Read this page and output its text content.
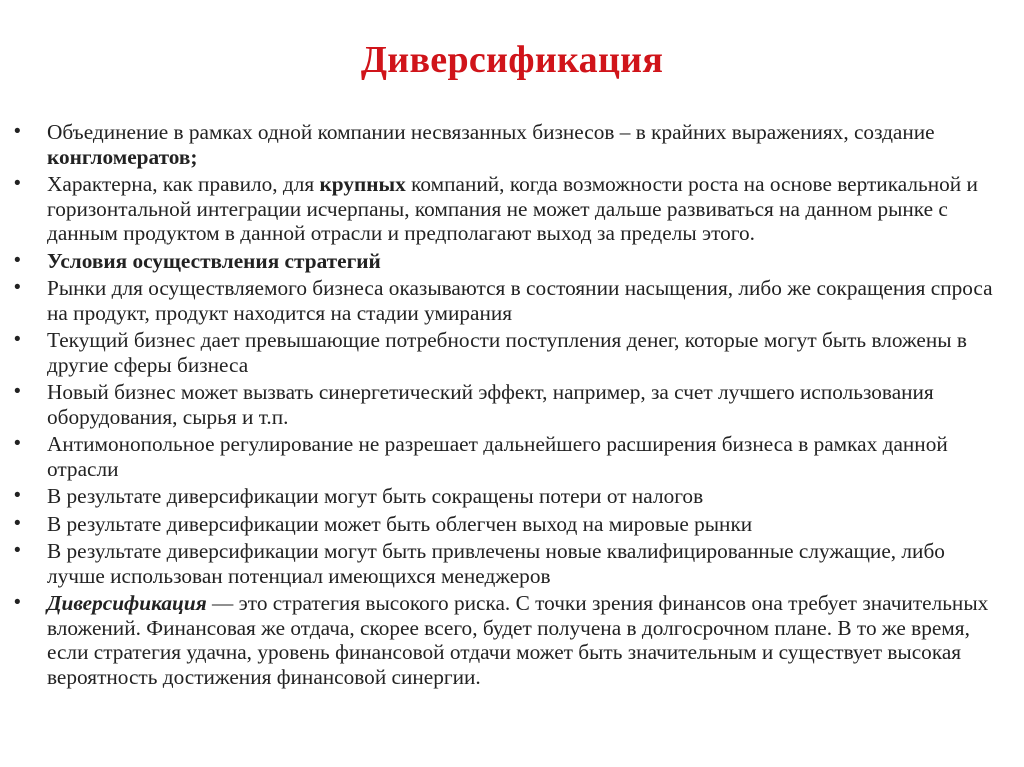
Диверсификация
• Объединение в рамках одной компании несвязанных бизнесов – в крайних выражениях, создание конгломератов;
• Характерна, как правило, для крупных компаний, когда возможности роста на основе вертикальной и горизонтальной интеграции исчерпаны, компания не может дальше развиваться на данном рынке с данным продуктом в данной отрасли и предполагают выход за пределы этого.
• Условия осуществления стратегий
• Рынки для осуществляемого бизнеса оказываются в состоянии насыщения, либо же сокращения спроса на продукт, продукт находится на стадии умирания
• Текущий бизнес дает превышающие потребности поступления денег, которые могут быть вложены в другие сферы бизнеса
• Новый бизнес может вызвать синергетический эффект, например, за счет лучшего использования оборудования, сырья и т.п.
• Антимонопольное регулирование не разрешает дальнейшего расширения бизнеса в рамках данной отрасли
• В результате диверсификации могут быть сокращены потери от налогов
• В результате диверсификации может быть облегчен выход на мировые рынки
• В результате диверсификации могут быть привлечены новые квалифицированные служащие, либо лучше использован потенциал имеющихся менеджеров
• Диверсификация — это стратегия высокого риска. С точки зрения финансов она требует значительных вложений. Финансовая же отдача, скорее всего, будет получена в долгосрочном плане. В то же время, если стратегия удачна, уровень финансовой отдачи может быть значительным и существует высокая вероятность достижения финансовой синергии.
